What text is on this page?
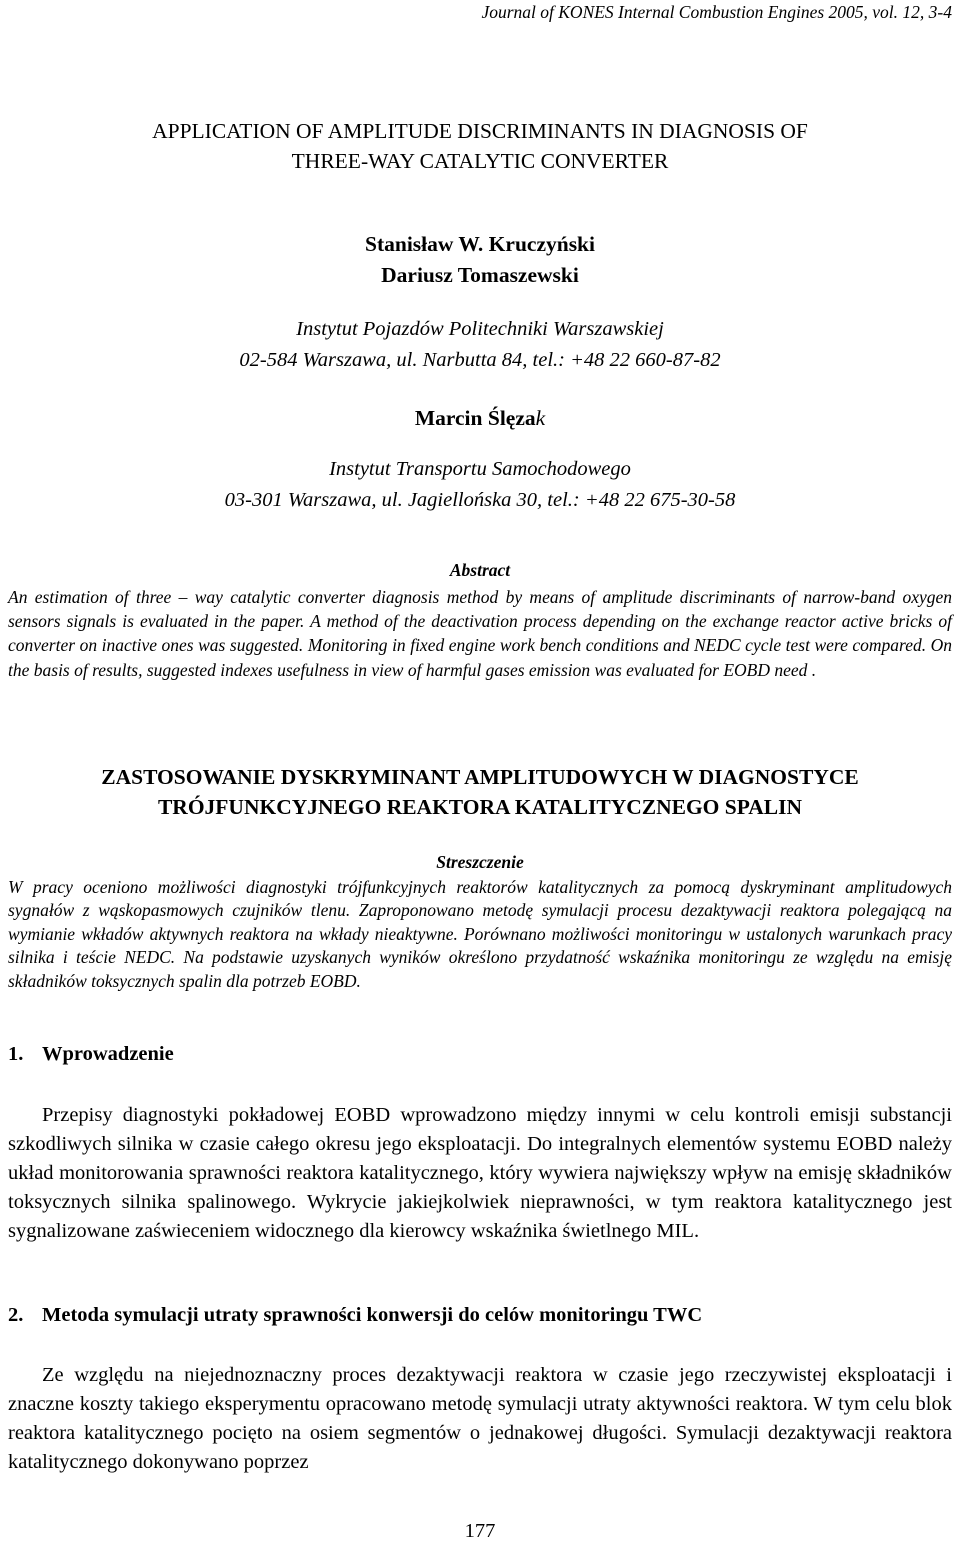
Journal of KONES Internal Combustion Engines 2005, vol. 12, 3-4
APPLICATION OF AMPLITUDE DISCRIMINANTS IN DIAGNOSIS OF
THREE-WAY CATALYTIC CONVERTER
Stanisław W. Kruczyński
Dariusz Tomaszewski
Instytut Pojazdów Politechniki Warszawskiej
02-584 Warszawa, ul. Narbutta 84, tel.: +48 22 660-87-82
Marcin Ślęzak
Instytut Transportu Samochodowego
03-301 Warszawa, ul. Jagiellońska 30, tel.: +48 22 675-30-58
Abstract
An estimation of three – way catalytic converter diagnosis method by means of amplitude discriminants of narrow-band oxygen sensors signals is evaluated in the paper. A method of the deactivation process depending on the exchange reactor active bricks of converter on inactive ones was suggested. Monitoring in fixed engine work bench conditions and NEDC cycle test were compared. On the basis of results, suggested indexes usefulness in view of harmful gases emission was evaluated for EOBD need .
ZASTOSOWANIE DYSKRYMINANT AMPLITUDOWYCH W DIAGNOSTYCE
TRÓJFUNKCYJNEGO REAKTORA KATALITYCZNEGO SPALIN
Streszczenie
W pracy oceniono możliwości diagnostyki trójfunkcyjnych reaktorów katalitycznych za pomocą dyskryminant amplitudowych sygnałów z wąskopasmowych czujników tlenu. Zaproponowano metodę symulacji procesu dezaktywacji reaktora polegającą na wymianie wkładów aktywnych reaktora na wkłady nieaktywne. Porównano możliwości monitoringu w ustalonych warunkach pracy silnika i teście NEDC. Na podstawie uzyskanych wyników określono przydatność wskaźnika monitoringu ze względu na emisję składników toksycznych spalin dla potrzeb EOBD.
1. Wprowadzenie
Przepisy diagnostyki pokładowej EOBD wprowadzono między innymi w celu kontroli emisji substancji szkodliwych silnika w czasie całego okresu jego eksploatacji. Do integralnych elementów systemu EOBD należy układ monitorowania sprawności reaktora katalitycznego, który wywiera największy wpływ na emisję składników toksycznych silnika spalinowego. Wykrycie jakiejkolwiek nieprawności, w tym reaktora katalitycznego jest sygnalizowane zaświeceniem widocznego dla kierowcy wskaźnika świetlnego MIL.
2. Metoda symulacji utraty sprawności konwersji do celów monitoringu TWC
Ze względu na niejednoznaczny proces dezaktywacji reaktora w czasie jego rzeczywistej eksploatacji i znaczne koszty takiego eksperymentu opracowano metodę symulacji utraty aktywności reaktora. W tym celu blok reaktora katalitycznego pocięto na osiem segmentów o jednakowej długości. Symulacji dezaktywacji reaktora katalitycznego dokonywano poprzez
177
